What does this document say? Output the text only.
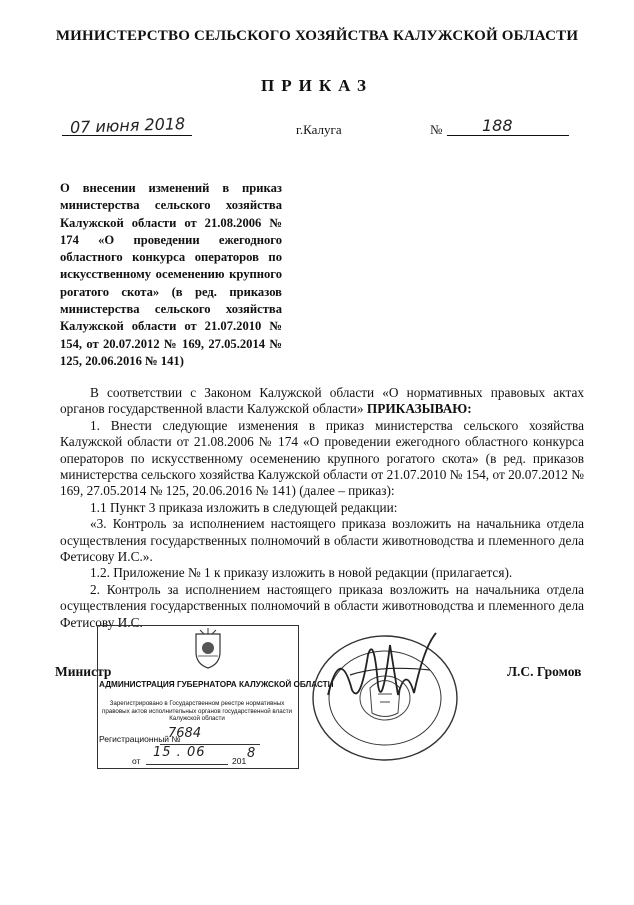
МИНИСТЕРСТВО СЕЛЬСКОГО ХОЗЯЙСТВА КАЛУЖСКОЙ ОБЛАСТИ
ПРИКАЗ
07 июня 2018	г.Калуга	№ 188
О внесении изменений в приказ министерства сельского хозяйства Калужской области от 21.08.2006 № 174 «О проведении ежегодного областного конкурса операторов по искусственному осеменению крупного рогатого скота» (в ред. приказов министерства сельского хозяйства Калужской области от 21.07.2010 № 154, от 20.07.2012 № 169, 27.05.2014 № 125, 20.06.2016 № 141)

В соответствии с Законом Калужской области «О нормативных правовых актах органов государственной власти Калужской области» ПРИКАЗЫВАЮ:

1. Внести следующие изменения в приказ министерства сельского хозяйства Калужской области от 21.08.2006 № 174 «О проведении ежегодного областного конкурса операторов по искусственному осеменению крупного рогатого скота» (в ред. приказов министерства сельского хозяйства Калужской области от 21.07.2010 № 154, от 20.07.2012 № 169, 27.05.2014 № 125, 20.06.2016 № 141) (далее – приказ):

1.1 Пункт 3 приказа изложить в следующей редакции:

«3. Контроль за исполнением настоящего приказа возложить на начальника отдела осуществления государственных полномочий в области животноводства и племенного дела Фетисову И.С.».

1.2. Приложение № 1 к приказу изложить в новой редакции (прилагается).

2. Контроль за исполнением настоящего приказа возложить на начальника отдела осуществления государственных полномочий в области животноводства и племенного дела Фетисову И.С.

АДМИНИСТРАЦИЯ ГУБЕРНАТОРА КАЛУЖСКОЙ ОБЛАСТИ
Зарегистрировано в Государственном реестре нормативных правовых актов исполнительных органов государственной власти Калужской области
Регистрационный №
7684
от
15 . 06
201 8
Министр	Л.С. Громов
